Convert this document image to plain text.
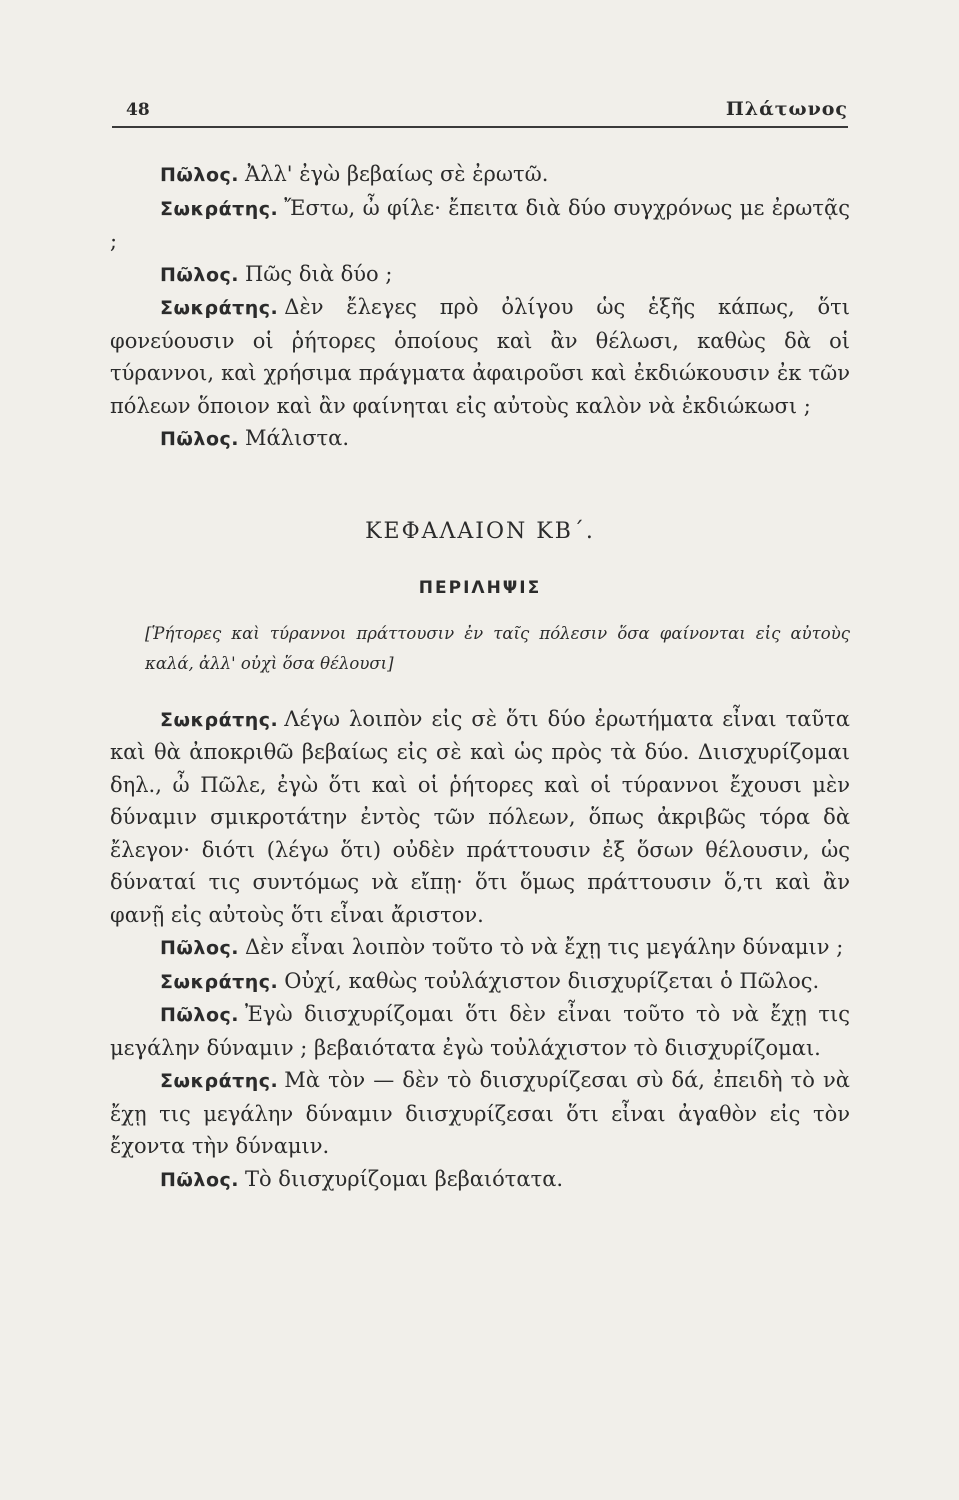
48	Πλάτωνος

Πῶλος. Ἀλλ' ἐγὼ βεβαίως σὲ ἐρωτῶ.

Σωκράτης. Ἔστω, ὦ φίλε· ἔπειτα διὰ δύο συγχρόνως με ἐρωτᾷς ;

Πῶλος. Πῶς διὰ δύο ;

Σωκράτης. Δὲν ἔλεγες πρὸ ὀλίγου ὡς ἑξῆς κάπως, ὅτι φονεύουσιν οἱ ῥήτορες ὁποίους καὶ ἂν θέλωσι, καθὼς δὰ οἱ τύραννοι, καὶ χρήσιμα πράγματα ἀφαιροῦσι καὶ ἐκδιώκουσιν ἐκ τῶν πόλεων ὅποιον καὶ ἂν φαίνηται εἰς αὐτοὺς καλὸν νὰ ἐκδιώκωσι ;

Πῶλος. Μάλιστα.

ΚΕΦΑΛΑΙΟΝ ΚΒ΄.

ΠΕΡΙΛΗΨΙΣ

[Ῥήτορες καὶ τύραννοι πράττουσιν ἐν ταῖς πόλεσιν ὅσα φαίνονται εἰς αὐτοὺς καλά, ἀλλ' οὐχὶ ὅσα θέλουσι]

Σωκράτης. Λέγω λοιπὸν εἰς σὲ ὅτι δύο ἐρωτήματα εἶναι ταῦτα καὶ θὰ ἀποκριθῶ βεβαίως εἰς σὲ καὶ ὡς πρὸς τὰ δύο. Διισχυρίζομαι δηλ., ὦ Πῶλε, ἐγὼ ὅτι καὶ οἱ ῥήτορες καὶ οἱ τύραννοι ἔχουσι μὲν δύναμιν σμικροτάτην ἐντὸς τῶν πόλεων, ὅπως ἀκριβῶς τόρα δὰ ἔλεγον· διότι (λέγω ὅτι) οὐδὲν πράττουσιν ἐξ ὅσων θέλουσιν, ὡς δύναταί τις συντόμως νὰ εἴπῃ· ὅτι ὅμως πράττουσιν ὅ,τι καὶ ἂν φανῇ εἰς αὐτοὺς ὅτι εἶναι ἄριστον.

Πῶλος. Δὲν εἶναι λοιπὸν τοῦτο τὸ νὰ ἔχῃ τις μεγάλην δύναμιν ;

Σωκράτης. Οὐχί, καθὼς τοὐλάχιστον διισχυρίζεται ὁ Πῶλος.

Πῶλος. Ἐγὼ διισχυρίζομαι ὅτι δὲν εἶναι τοῦτο τὸ νὰ ἔχῃ τις μεγάλην δύναμιν ; βεβαιότατα ἐγὼ τοὐλάχιστον τὸ διισχυρίζομαι.

Σωκράτης. Μὰ τὸν — δὲν τὸ διισχυρίζεσαι σὺ δά, ἐπειδὴ τὸ νὰ ἔχῃ τις μεγάλην δύναμιν διισχυρίζεσαι ὅτι εἶναι ἀγαθὸν εἰς τὸν ἔχοντα τὴν δύναμιν.

Πῶλος. Τὸ διισχυρίζομαι βεβαιότατα.
